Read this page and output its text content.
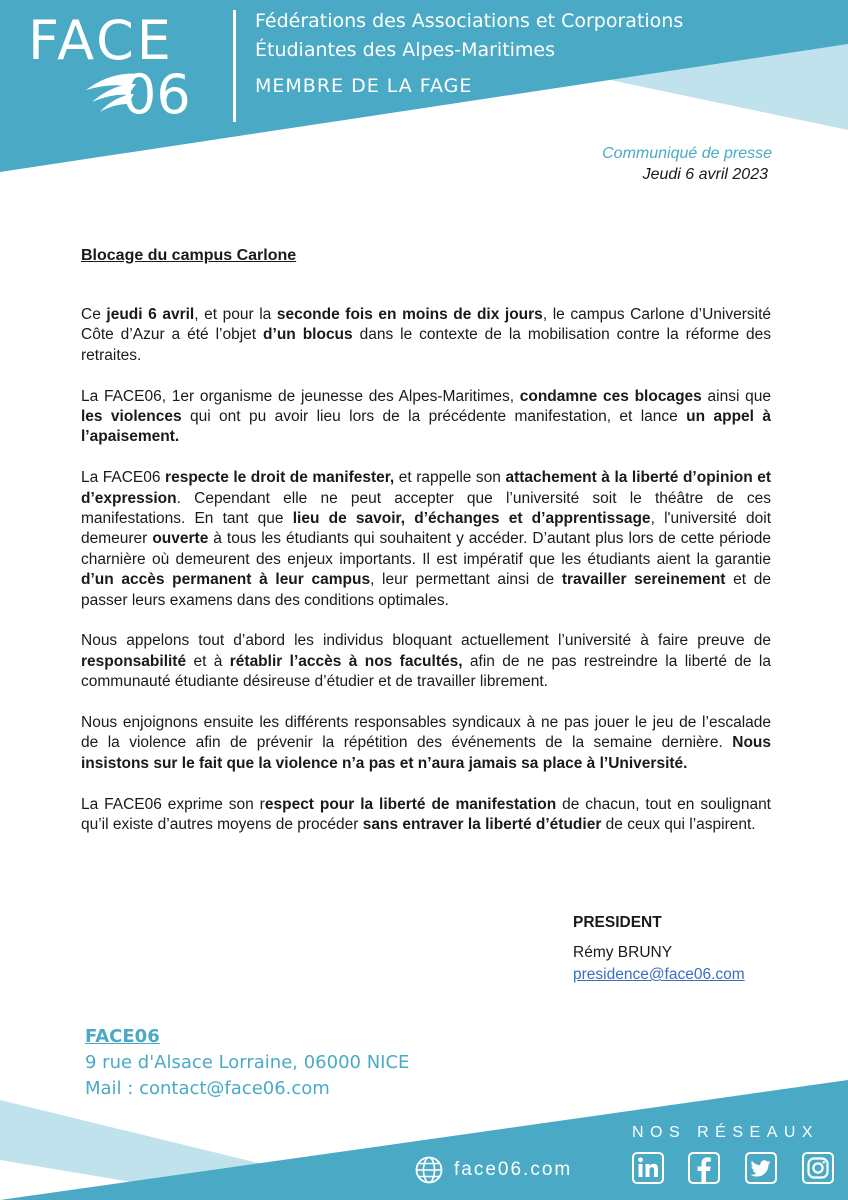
FACE
06
Fédérations des Associations et Corporations
Étudiantes des Alpes-Maritimes
MEMBRE DE LA FAGE
Communiqué de presse
Jeudi 6 avril 2023
Blocage du campus Carlone

Ce jeudi 6 avril, et pour la seconde fois en moins de dix jours, le campus Carlone d’Université Côte d’Azur a été l’objet d’un blocus dans le contexte de la mobilisation contre la réforme des retraites.

La FACE06, 1er organisme de jeunesse des Alpes-Maritimes, condamne ces blocages ainsi que les violences qui ont pu avoir lieu lors de la précédente manifestation, et lance un appel à l’apaisement.

La FACE06 respecte le droit de manifester, et rappelle son attachement à la liberté d’opinion et d’expression. Cependant elle ne peut accepter que l’université soit le théâtre de ces manifestations. En tant que lieu de savoir, d’échanges et d’apprentissage, l'université doit demeurer ouverte à tous les étudiants qui souhaitent y accéder. D’autant plus lors de cette période charnière où demeurent des enjeux importants. Il est impératif que les étudiants aient la garantie d’un accès permanent à leur campus, leur permettant ainsi de travailler sereinement et de passer leurs examens dans des conditions optimales.

Nous appelons tout d’abord les individus bloquant actuellement l’université à faire preuve de responsabilité et à rétablir l’accès à nos facultés, afin de ne pas restreindre la liberté de la communauté étudiante désireuse d’étudier et de travailler librement.

Nous enjoignons ensuite les différents responsables syndicaux à ne pas jouer le jeu de l’escalade de la violence afin de prévenir la répétition des événements de la semaine dernière. Nous insistons sur le fait que la violence n’a pas et n’aura jamais sa place à l’Université.

La FACE06 exprime son respect pour la liberté de manifestation de chacun, tout en soulignant qu’il existe d’autres moyens de procéder sans entraver la liberté d’étudier de ceux qui l’aspirent.

PRESIDENT
Rémy BRUNY
presidence@face06.com
FACE06
9 rue d'Alsace Lorraine, 06000 NICE
Mail : contact@face06.com
NOS RÉSEAUX
face06.com
